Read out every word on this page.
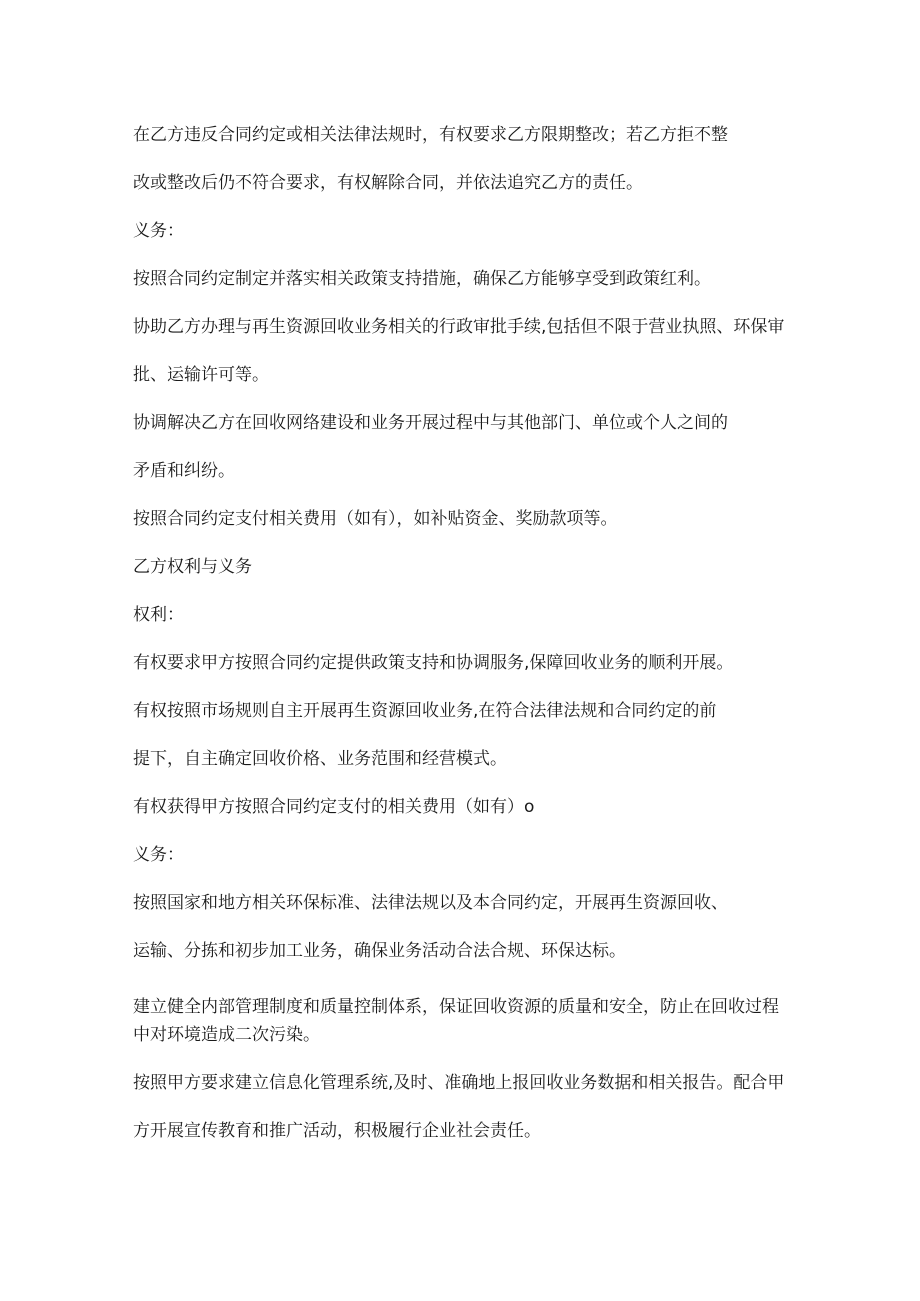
在乙方违反合同约定或相关法律法规时，有权要求乙方限期整改；若乙方拒不整
改或整改后仍不符合要求，有权解除合同，并依法追究乙方的责任。
义务：
按照合同约定制定并落实相关政策支持措施，确保乙方能够享受到政策红利。
协助乙方办理与再生资源回收业务相关的行政审批手续,包括但不限于营业执照、环保审
批、运输许可等。
协调解决乙方在回收网络建设和业务开展过程中与其他部门、单位或个人之间的
矛盾和纠纷。
按照合同约定支付相关费用（如有），如补贴资金、奖励款项等。
乙方权利与义务
权利：
有权要求甲方按照合同约定提供政策支持和协调服务,保障回收业务的顺利开展。
有权按照市场规则自主开展再生资源回收业务,在符合法律法规和合同约定的前
提下，自主确定回收价格、业务范围和经营模式。
有权获得甲方按照合同约定支付的相关费用（如有）o
义务：
按照国家和地方相关环保标准、法律法规以及本合同约定，开展再生资源回收、
运输、分拣和初步加工业务，确保业务活动合法合规、环保达标。
建立健全内部管理制度和质量控制体系，保证回收资源的质量和安全，防止在回收过程
中对环境造成二次污染。
按照甲方要求建立信息化管理系统,及时、准确地上报回收业务数据和相关报告。配合甲
方开展宣传教育和推广活动，积极履行企业社会责任。
